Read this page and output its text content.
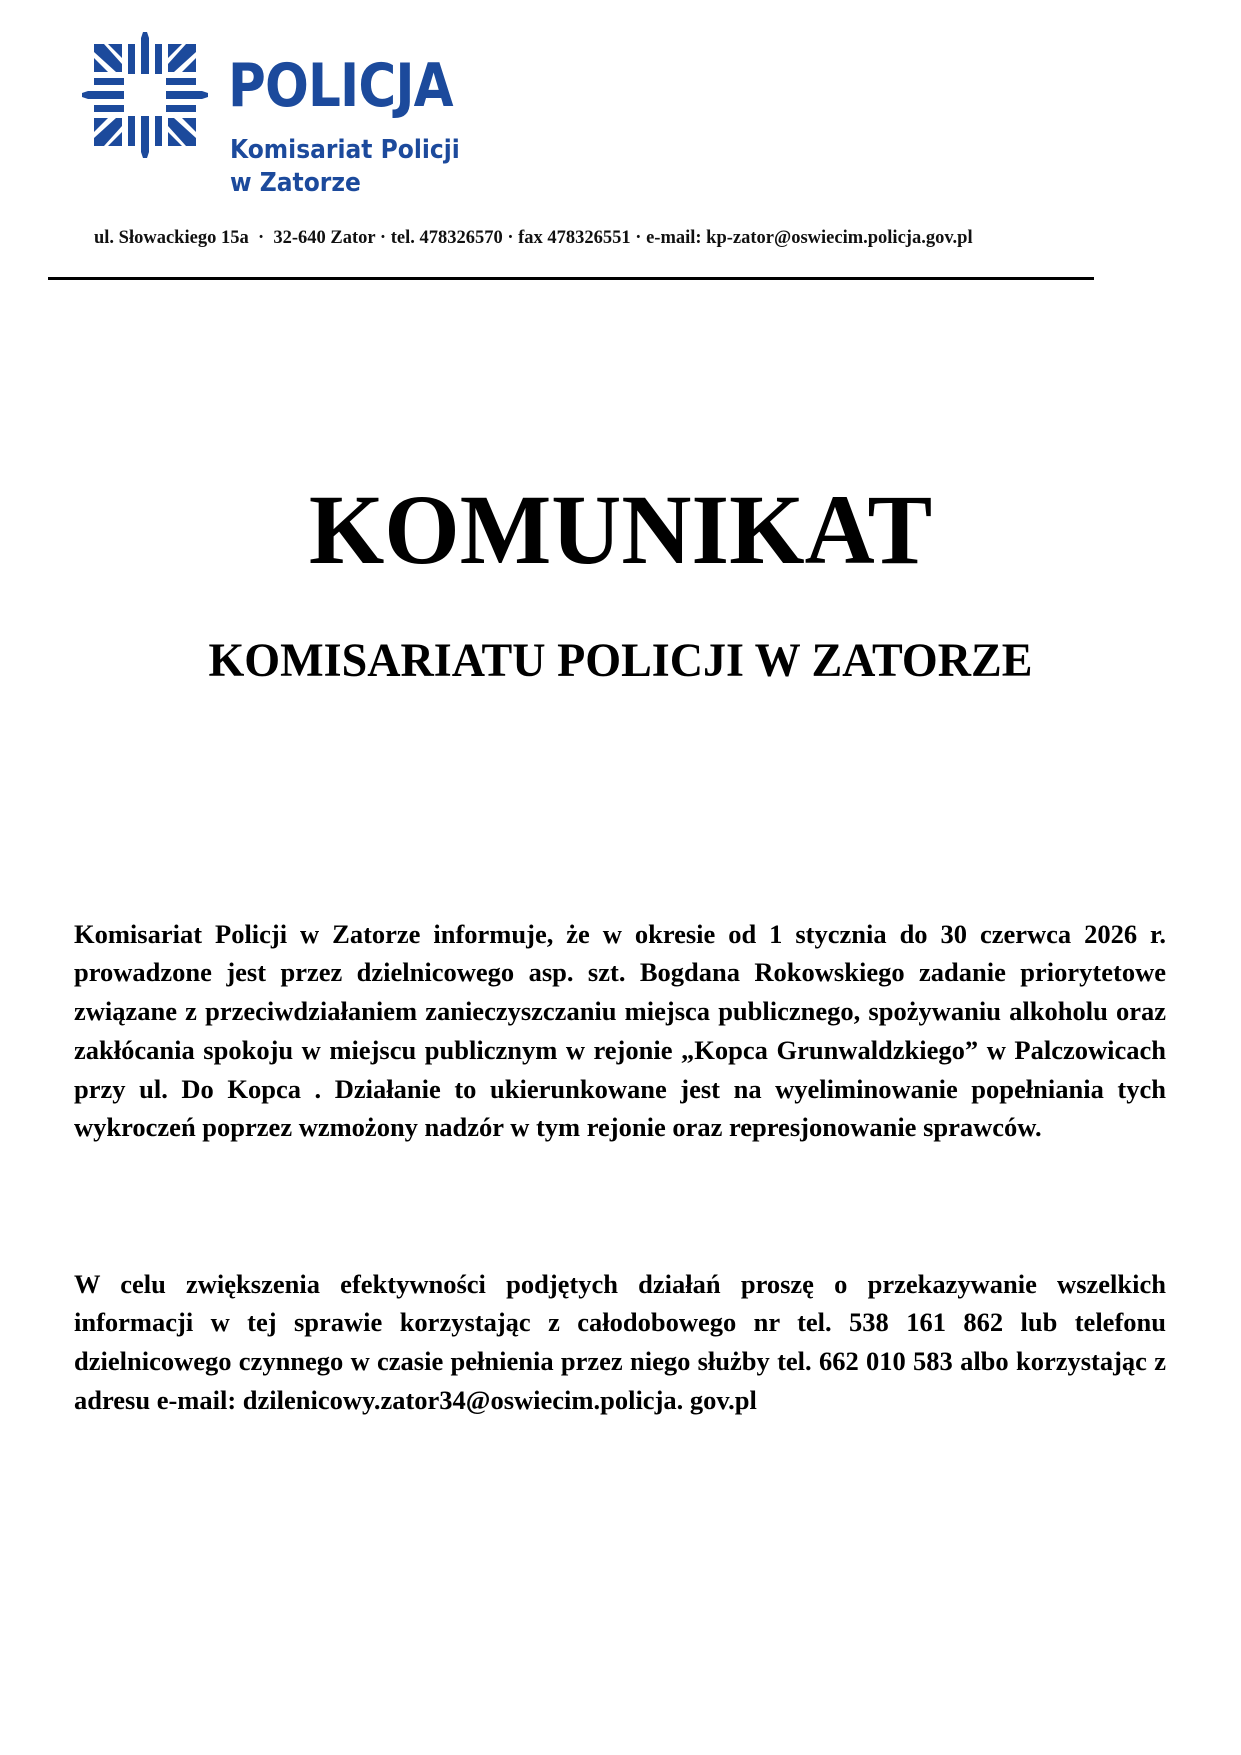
POLICJA
Komisariat Policji
w Zatorze
ul. Słowackiego 15a  ·  32-640 Zator · tel. 478326570 · fax 478326551 · e-mail: kp-zator@oswiecim.policja.gov.pl
KOMUNIKAT
KOMISARIATU POLICJI W ZATORZE

Komisariat Policji w Zatorze informuje, że w okresie od 1 stycznia do 30 czerwca 2026 r. prowadzone jest przez dzielnicowego asp. szt. Bogdana Rokowskiego zadanie priorytetowe związane z przeciwdziałaniem zanieczyszczaniu miejsca publicznego, spożywaniu alkoholu oraz zakłócania spokoju w miejscu publicznym w rejonie „Kopca Grunwaldzkiego” w Palczowicach przy ul. Do Kopca . Działanie to ukierunkowane jest na wyeliminowanie popełniania tych wykroczeń poprzez wzmożony nadzór w tym rejonie oraz represjonowanie sprawców.

W celu zwiększenia efektywności podjętych działań proszę o przekazywanie wszelkich informacji w tej sprawie korzystając z całodobowego nr tel. 538 161 862 lub telefonu dzielnicowego czynnego w czasie pełnienia przez niego służby tel. 662 010 583 albo korzystając z adresu e-mail: dzilenicowy.zator34@oswiecim.policja. gov.pl
